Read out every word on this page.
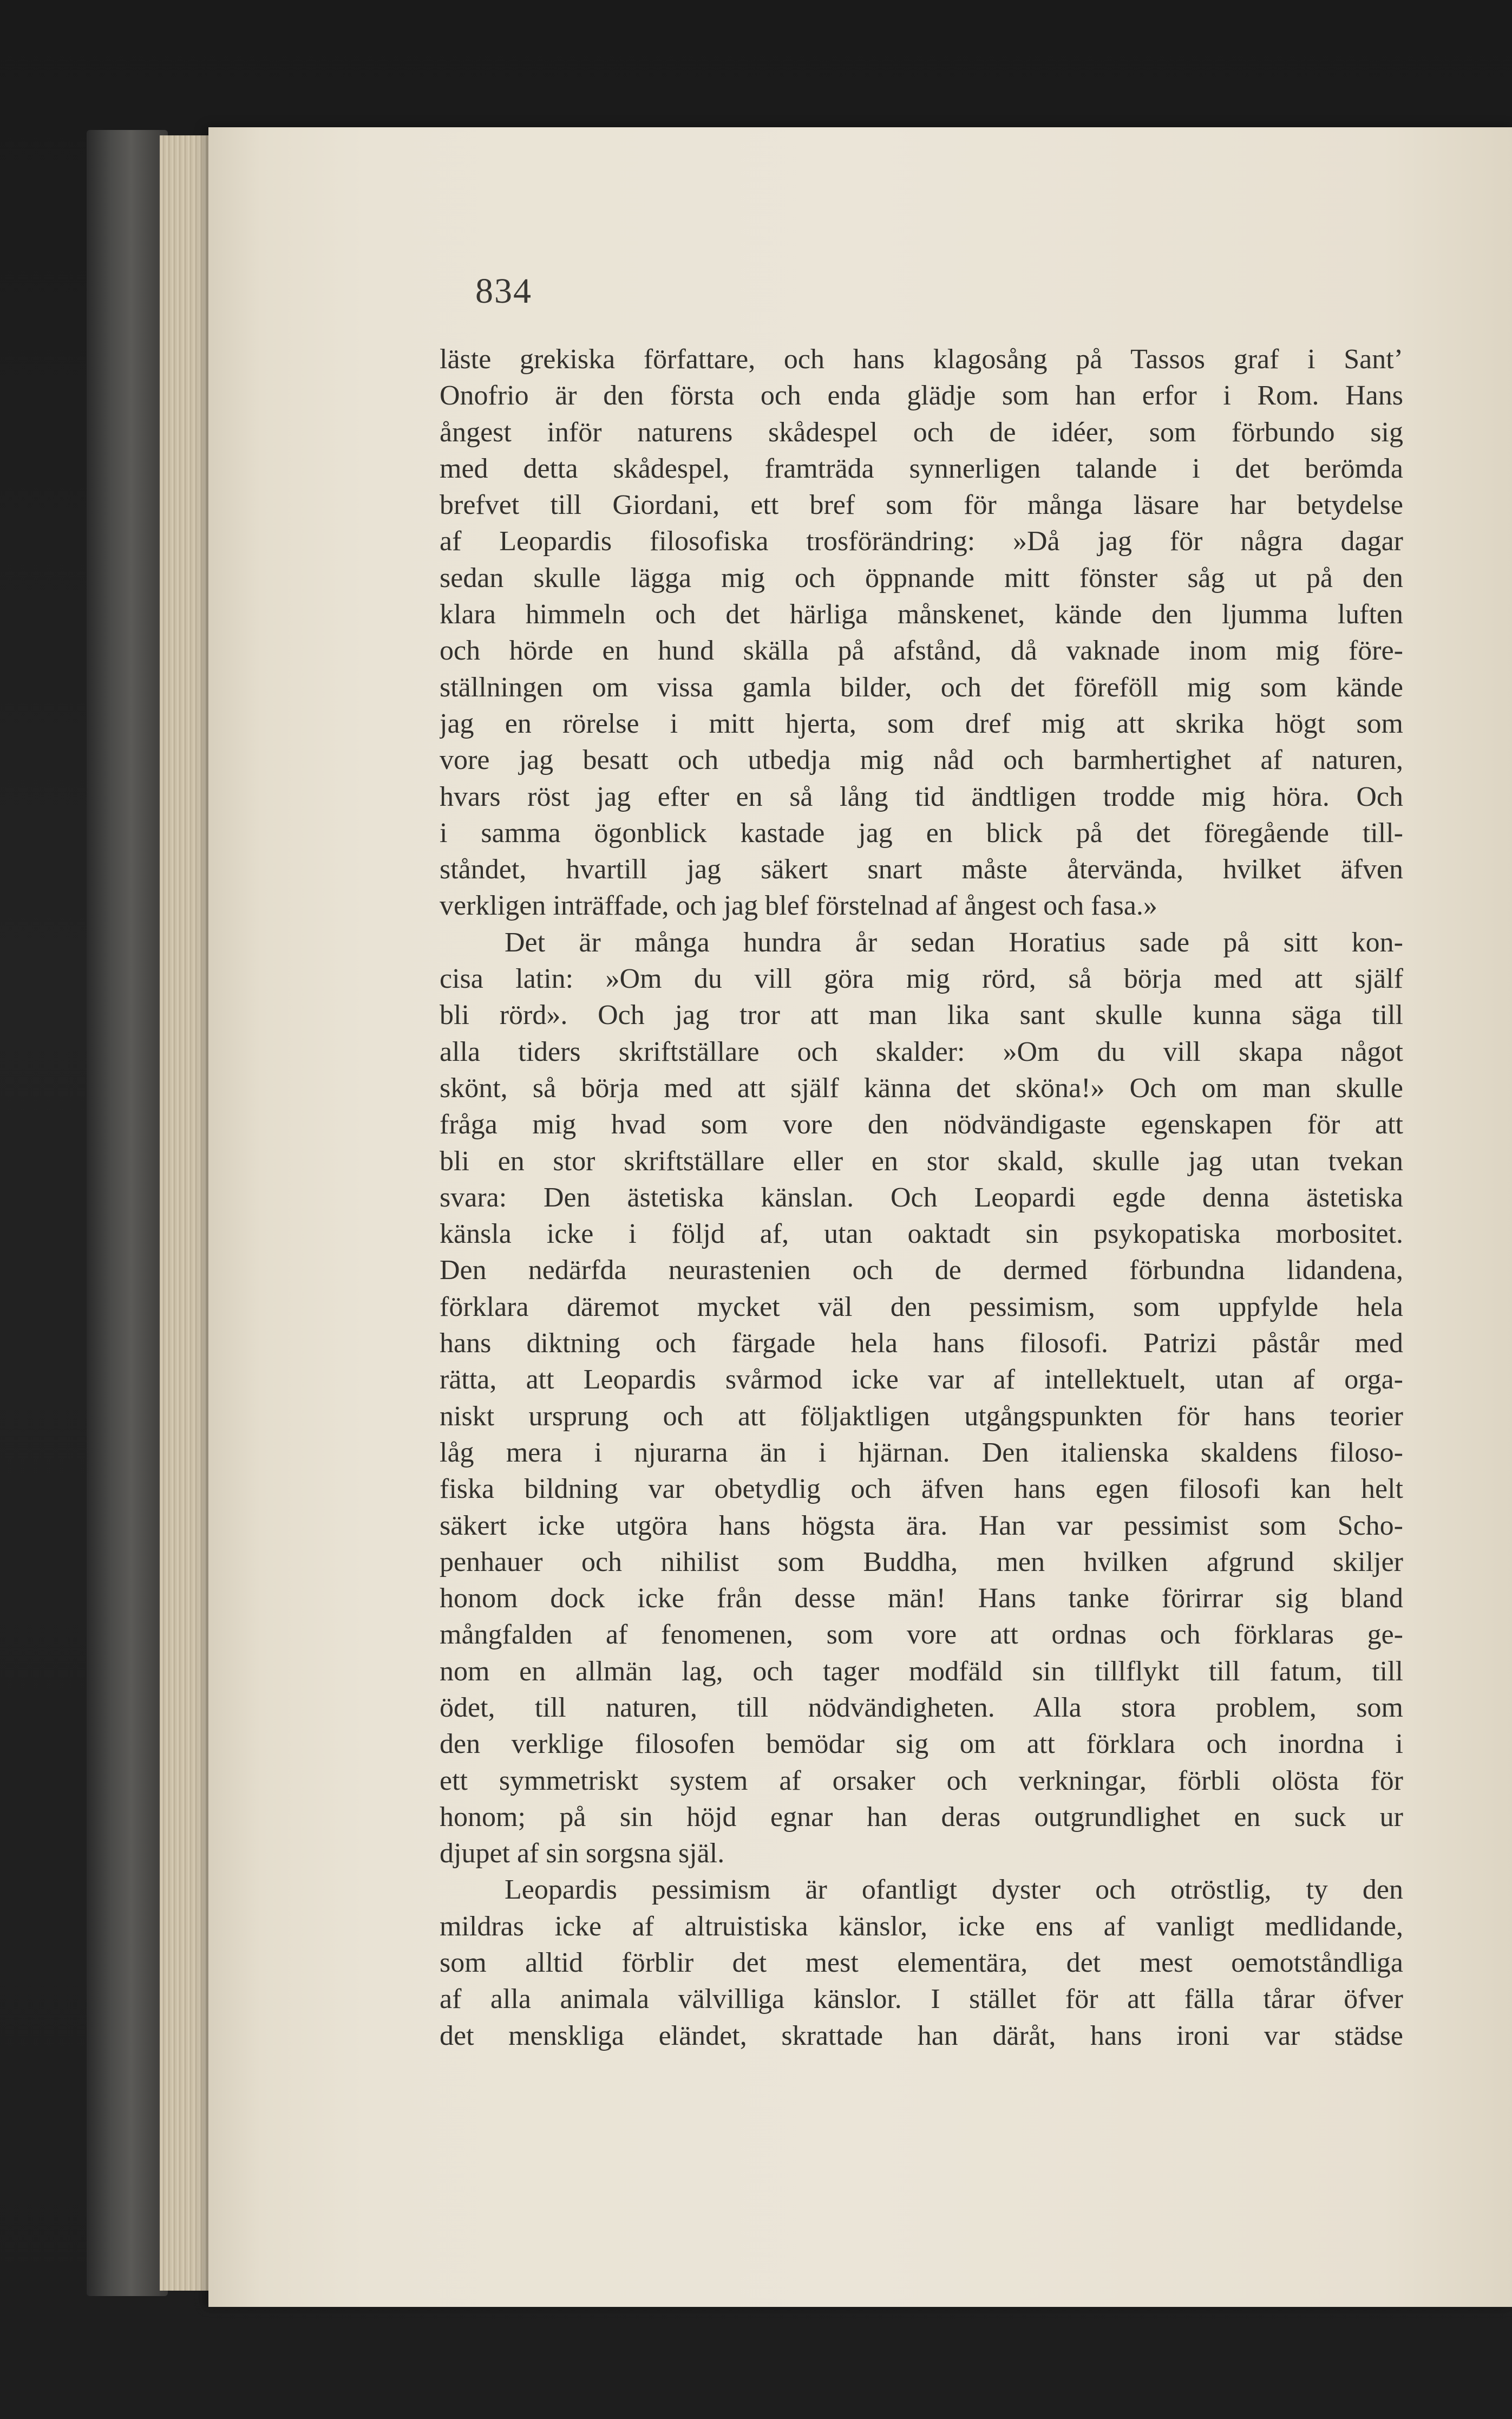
834
läste grekiska författare, och hans klagosång på Tassos graf i Sant’
Onofrio är den första och enda glädje som han erfor i Rom. Hans
ångest inför naturens skådespel och de idéer, som förbundo sig
med detta skådespel, framträda synnerligen talande i det berömda
brefvet till Giordani, ett bref som för många läsare har betydelse
af Leopardis filosofiska trosförändring: »Då jag för några dagar
sedan skulle lägga mig och öppnande mitt fönster såg ut på den
klara himmeln och det härliga månskenet, kände den ljumma luften
och hörde en hund skälla på afstånd, då vaknade inom mig före-
ställningen om vissa gamla bilder, och det föreföll mig som kände
jag en rörelse i mitt hjerta, som dref mig att skrika högt som
vore jag besatt och utbedja mig nåd och barmhertighet af naturen,
hvars röst jag efter en så lång tid ändtligen trodde mig höra. Och
i samma ögonblick kastade jag en blick på det föregående till-
ståndet, hvartill jag säkert snart måste återvända, hvilket äfven
verkligen inträffade, och jag blef förstelnad af ångest och fasa.»
Det är många hundra år sedan Horatius sade på sitt kon-
cisa latin: »Om du vill göra mig rörd, så börja med att själf
bli rörd». Och jag tror att man lika sant skulle kunna säga till
alla tiders skriftställare och skalder: »Om du vill skapa något
skönt, så börja med att själf känna det sköna!» Och om man skulle
fråga mig hvad som vore den nödvändigaste egenskapen för att
bli en stor skriftställare eller en stor skald, skulle jag utan tvekan
svara: Den ästetiska känslan. Och Leopardi egde denna ästetiska
känsla icke i följd af, utan oaktadt sin psykopatiska morbositet.
Den nedärfda neurastenien och de dermed förbundna lidandena,
förklara däremot mycket väl den pessimism, som uppfylde hela
hans diktning och färgade hela hans filosofi. Patrizi påstår med
rätta, att Leopardis svårmod icke var af intellektuelt, utan af orga-
niskt ursprung och att följaktligen utgångspunkten för hans teorier
låg mera i njurarna än i hjärnan. Den italienska skaldens filoso-
fiska bildning var obetydlig och äfven hans egen filosofi kan helt
säkert icke utgöra hans högsta ära. Han var pessimist som Scho-
penhauer och nihilist som Buddha, men hvilken afgrund skiljer
honom dock icke från desse män! Hans tanke förirrar sig bland
mångfalden af fenomenen, som vore att ordnas och förklaras ge-
nom en allmän lag, och tager modfäld sin tillflykt till fatum, till
ödet, till naturen, till nödvändigheten. Alla stora problem, som
den verklige filosofen bemödar sig om att förklara och inordna i
ett symmetriskt system af orsaker och verkningar, förbli olösta för
honom; på sin höjd egnar han deras outgrundlighet en suck ur
djupet af sin sorgsna själ.
Leopardis pessimism är ofantligt dyster och otröstlig, ty den
mildras icke af altruistiska känslor, icke ens af vanligt medlidande,
som alltid förblir det mest elementära, det mest oemotståndliga
af alla animala välvilliga känslor. I stället för att fälla tårar öfver
det menskliga eländet, skrattade han däråt, hans ironi var städse
